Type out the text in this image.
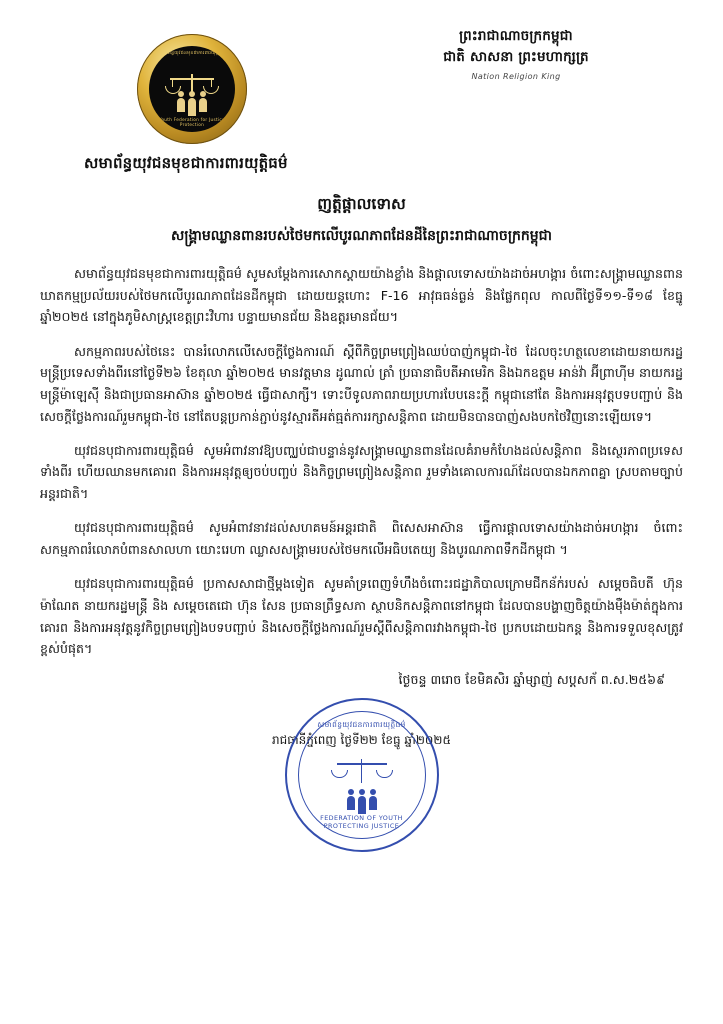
សមាពន្ធយុវជនមុខជាការពារយុត្តិធម៌
Youth Federation for Justice Protection
ព្រះរាជាណាចក្រកម្ពុជា
ជាតិ សាសនា ព្រះមហាក្សត្រ
Nation Religion King
សមាព័ន្ធយុវជនមុខជាការពារយុត្តិធម៌
ញត្តិផ្តាលទោស
សង្រ្គាមឈ្លានពានរបស់ថៃមកលើបូរណភាពដែនដីនៃព្រះរាជាណាចក្រកម្ពុជា

សមាព័ន្ធយុវជនមុខជាការពារយុត្តិធម៌ សូមសម្តែងការសោកស្តាយយ៉ាងខ្លាំង និងផ្តាលទោសយ៉ាងដាច់អហង្ការ ចំពោះសង្រ្គាមឈ្លានពានឃាតកម្មប្រល័យរបស់ថៃមកលើបូរណភាពដែនដីកម្ពុជា ដោយយន្តហោះ F-16 អាវុធធន់ធ្ងន់ និងផ្លែកពុល កាលពីថ្ងៃទី១១-ទី១៨ ខែធ្នូ ឆ្នាំ២០២៥ នៅក្នុងភូមិសាស្ត្រខេត្តព្រះវិហារ បន្ទាយមានជ័យ និងឧត្តរមានជ័យ។

សកម្មភាពរបស់ថៃនេះ បានរំលោភលើសេចក្តីថ្លែងការណ៍ ស្តីពីកិច្ចព្រមព្រៀងឈប់បាញ់កម្ពុជា-ថៃ ដែលចុះហត្ថលេខាដោយនាយករដ្ឋមន្ត្រីប្រទេសទាំងពីរនៅថ្ងៃទី២៦ ខែតុលា ឆ្នាំ២០២៥ មានវត្តមាន ដូណាល់ ត្រាំ ប្រធានាធិបតីអាមេរិក និងឯកឧត្តម អាន់វ៉ា អ៊ីព្រាហ៊ីម នាយករដ្ឋមន្ត្រីម៉ាឡេស៊ី និងជាប្រធានអាស៊ាន ឆ្នាំ២០២៥ ធ្វើជាសាក្សី។ ទោះបីទូលភាពរាយប្រហារបែបនេះក្តី កម្ពុជានៅតែ និងការអនុវត្តបទបញ្ជាប់ និងសេចក្តីថ្លែងការណ៍រួមកម្ពុជា-ថៃ នៅតែបន្តប្រកាន់ភ្ជាប់នូវស្មារតីអត់ធ្មត់ការរក្សាសន្តិភាព ដោយមិនបានបាញ់សងបកថៃវិញនោះឡើយទេ។

យុវជនបុជាការពារយុត្តិធម៌ សូមអំពាវនាវឱ្យបញ្ឈប់ជាបន្ទាន់នូវសង្រ្គាមឈ្លានពានដែលគំរាមកំហែងដល់សន្តិភាព និងស្ថេរភាពប្រទេសទាំងពីរ ហើយឈានមកគោរព និងការអនុវត្តឲ្យចប់បញ្ចប់ និងកិច្ចព្រមព្រៀងសន្តិភាព រួមទាំងគោលការណ៍ដែលបានឯកភាពគ្នា ស្របតាមច្បាប់អន្តរជាតិ។

យុវជនបុជាការពារយុត្តិធម៌ សូមអំពាវនាវដល់សហគមន៍អន្តរជាតិ ពិសេសអាស៊ាន ធ្វើការផ្តាលទោសយ៉ាងដាច់អហង្ការ ចំពោះសកម្មភាពរំលោភបំពានសាលហា យោះរេហា ឈ្លាសសង្រ្គាមរបស់ថៃមកលើអធិបតេយ្យ និងបូរណភាពទឹកដីកម្ពុជា ។

យុវជនបុជាការពារយុត្តិធម៌ ប្រកាសសាជាថ្មីម្តងទៀត សូមគាំទ្រពេញទំហឹងចំពោះរជដ្ឋាភិបាលក្រោមជីកន័ក់របស់ សម្តេចធិបតី ហ៊ុន ម៉ាណែត នាយករដ្ឋមន្ត្រី និង សម្តេចតេជោ ហ៊ុន សែន ប្រធានព្រឹទ្ធសភា ស្ថាបនិកសន្តិភាពនៅកម្ពុជា ដែលបានបង្ហាញចិត្តយ៉ាងម៉ឺងម៉ាត់ក្នុងការគោរព និងការអនុវត្តនូវកិច្ចព្រមព្រៀងបទបញ្ជាប់ និងសេចក្តីថ្លែងការណ៍រួមស្តីពីសន្តិភាពរវាងកម្ពុជា-ថៃ ប្រកបដោយឯកន្ត និងការទទួលខុសត្រូវខ្ពស់បំផុត។

ថ្ងៃចន្ទ ៣រោច ខែមិគសិរ ឆ្នាំម្សាញ់ សប្តសក័ ព.ស.២៥៦៩
រាជធានីភ្នំពេញ ថ្ងៃទី២២ ខែធ្នូ ឆ្នាំ២០២៥
សមាព័ន្ធយុវជនការពារយុត្តិធម៌
FEDERATION OF YOUTH PROTECTING JUSTICE
